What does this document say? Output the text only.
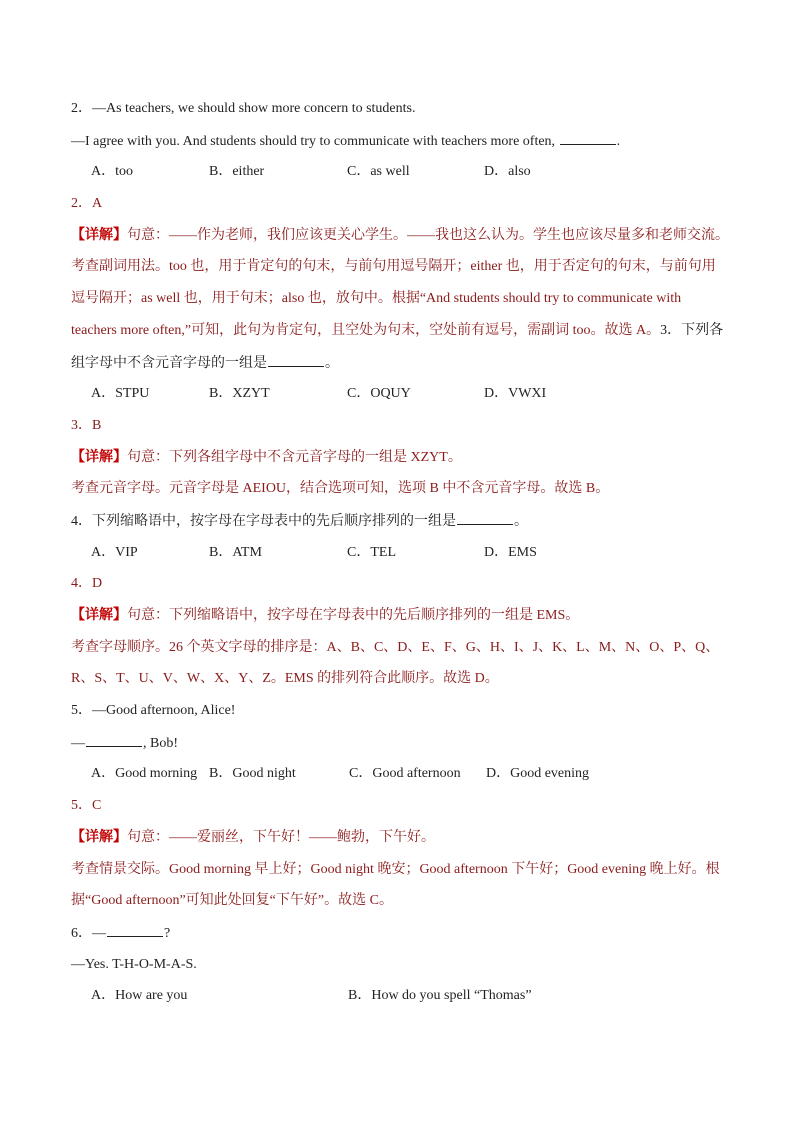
2．—As teachers, we should show more concern to students.
—I agree with you. And students should try to communicate with teachers more often,	.
A．too	B．either	C．as well	D．also
2．A
【详解】句意：——作为老师，我们应该更关心学生。——我也这么认为。学生也应该尽量多和老师交流。
考查副词用法。too 也，用于肯定句的句末，与前句用逗号隔开；either 也，用于否定句的句末，与前句用
逗号隔开；as well 也，用于句末；also 也，放句中。根据“And students should try to communicate with
teachers more often,”可知，此句为肯定句，且空处为句末，空处前有逗号，需副词 too。故选 A。3．下列各
组字母中不含元音字母的一组是	。
A．STPU	B．XZYT	C．OQUY	D．VWXI
3．B
【详解】句意：下列各组字母中不含元音字母的一组是 XZYT。
考查元音字母。元音字母是 AEIOU，结合选项可知，选项 B 中不含元音字母。故选 B。
4．下列缩略语中，按字母在字母表中的先后顺序排列的一组是	。
A．VIP	B．ATM	C．TEL	D．EMS
4．D
【详解】句意：下列缩略语中，按字母在字母表中的先后顺序排列的一组是 EMS。
考查字母顺序。26 个英文字母的排序是：A、B、C、D、E、F、G、H、I、J、K、L、M、N、O、P、Q、
R、S、T、U、V、W、X、Y、Z。EMS 的排列符合此顺序。故选 D。
5．—Good afternoon, Alice!
—	, Bob!
A．Good morning B．Good night	C．Good afternoon	D．Good evening
5．C
【详解】句意：——爱丽丝，下午好！——鲍勃，下午好。
考查情景交际。Good morning 早上好；Good night 晚安；Good afternoon 下午好；Good evening 晚上好。根
据“Good afternoon”可知此处回复“下午好”。故选 C。
6．—	?
—Yes. T-H-O-M-A-S.
A．How are you	B．How do you spell “Thomas”
